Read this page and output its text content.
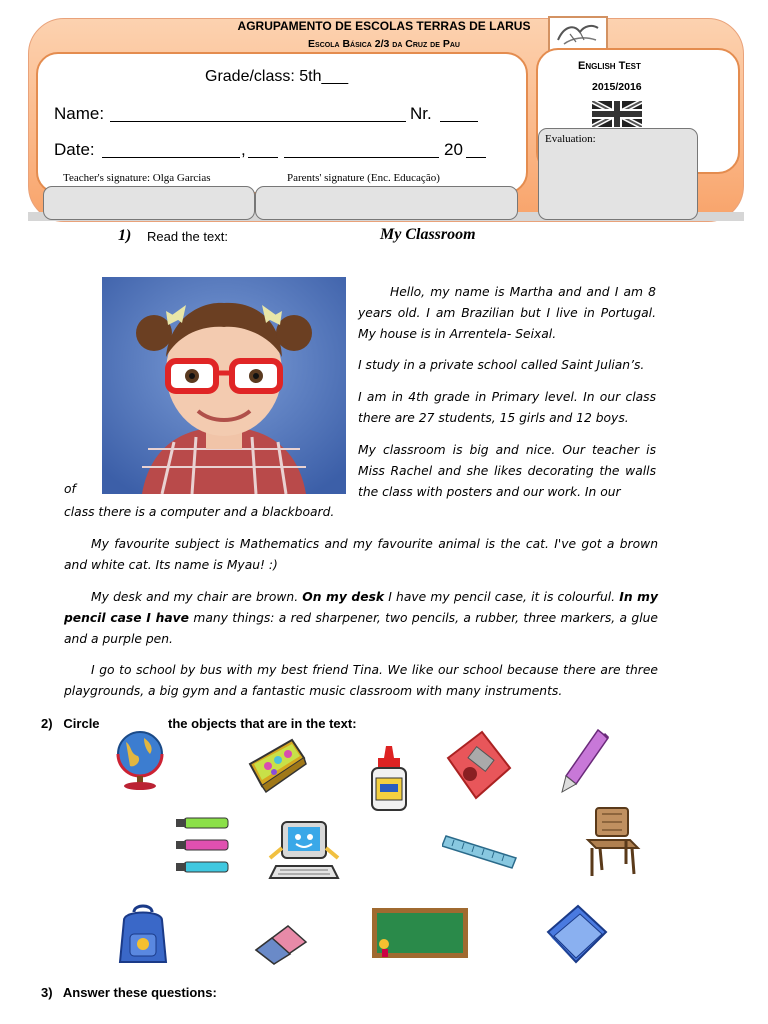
AGRUPAMENTO DE ESCOLAS TERRAS DE LARUS
Escola Básica 2/3 da Cruz de Pau
English Test
2015/2016
Evaluation:
Grade/class: 5th___
Name:	Nr.
Date:	,	20
Teacher's signature: Olga Garcias	Parents' signature (Enc. Educação)
1) Read the text:	My Classroom
Hello, my name is Martha and and I am 8 years old. I am Brazilian but I live in Portugal. My house is in Arrentela- Seixal.
I study in a private school called Saint Julian’s.
I am in 4th grade in Primary level. In our class there are 27 students, 15 girls and 12 boys.
My classroom is big and nice. Our teacher is Miss Rachel and she likes decorating the walls the class with posters and our work. In our
of
class there is a computer and a blackboard.
My favourite subject is Mathematics and my favourite animal is the cat. I've got a brown and white cat. Its name is Myau! :)
My desk and my chair are brown. On my desk I have my pencil case, it is colourful. In my pencil case I have many things: a red sharpener, two pencils, a rubber, three markers, a glue and a purple pen.
I go to school by bus with my best friend Tina. We like our school because there are three playgrounds, a big gym and a fantastic music classroom with many instruments.
2) Circle	the objects that are in the text:
3) Answer these questions:
